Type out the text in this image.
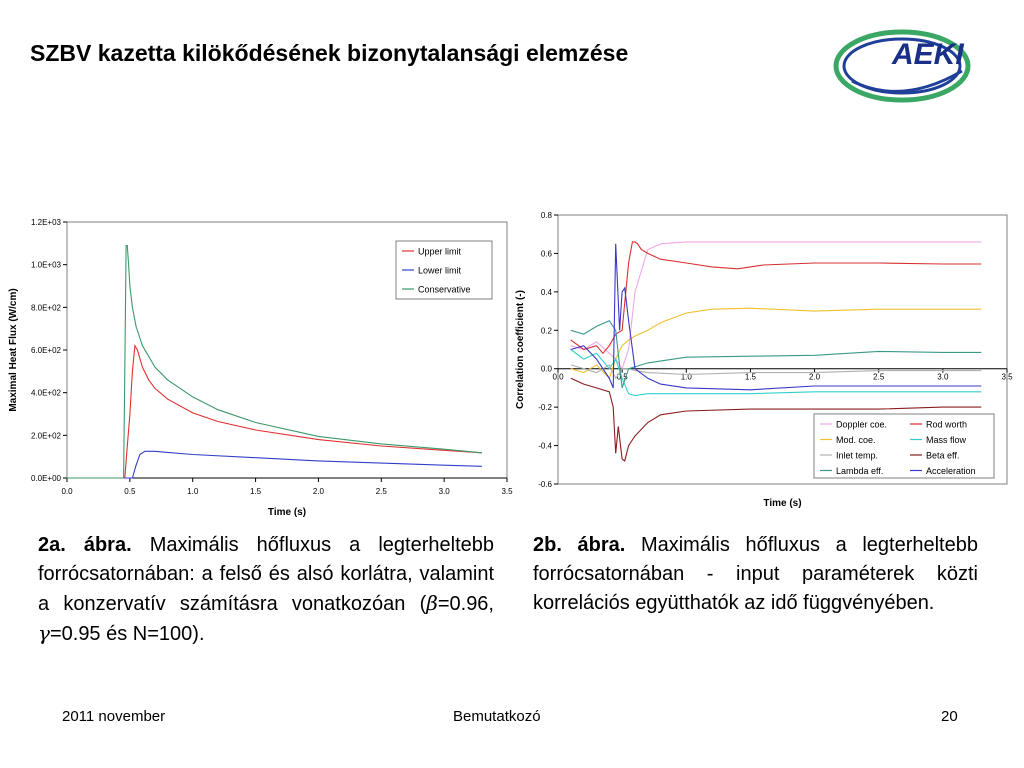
SZBV kazetta kilökődésének bizonytalansági elemzése	AEKI
0.0E+00
2.0E+02
4.0E+02
6.0E+02
8.0E+02
1.0E+03
1.2E+03
0.0	0.5	1.0	1.5	2.0	2.5	3.0	3.5
Time (s)
Maximal Heat Flux (W/cm)
Upper limit
Lower limit
Conservative
-0.6
-0.4
-0.2
0.0
0.2
0.4
0.6
0.8
0.0	0.5	1.0	1.5	2.0	2.5	3.0	3.5
Time (s)
Correlation coefficient (-)
Doppler coe.	Rod worth
Mod. coe.	Mass flow
Inlet temp.	Beta eff.
Lambda eff.	Acceleration
2a. ábra. Maximális hőfluxus a legterheltebb forrócsatornában: a felső és alsó korlátra, valamint a konzervatív számításra vonatkozóan (β=0.96, γ=0.95 és N=100).
2b. ábra. Maximális hőfluxus a legterheltebb forrócsatornában - input paraméterek közti korrelációs együtthatók az idő függvényében.
2011 november	Bemutatkozó	20
